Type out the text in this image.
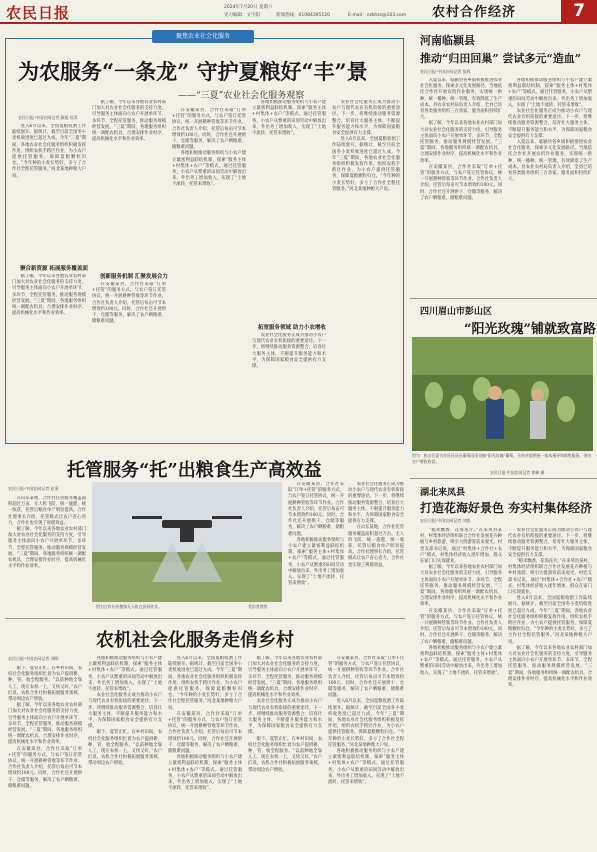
农民日报	2024年7月20日 星期六
见习编辑：文宇阳	新闻热线：01084395120	E-mail：nzkhzs@163.com 农村合作经济	7
聚焦农业社会化服务
为农服务“一条龙” 守护夏粮好“丰”景
——“三夏”农业社会化服务观察
农民日报·中国农网记者 颜旭 侯青

进入6月以来，全国夏粮收割工作陆续展开。据统计，截至目前全国冬小麦机收进度已超过九成。今年“三夏”期间，各地农业社会化服务组织积极发挥作用，组织农机手跨区作业，为小农户提供托管服务，保障夏粮颗粒归仓。“今年种的小麦长势好，多亏了合作社全程托管服务。”河北某地种粮大户说。

聚合新资源 拓展服务覆盖面

据了解，今年以来各地农业农村部门加大对农业社会化服务的支持力度，引导服务主体面向小农户开展单环节、多环节、全程托管服务，推动服务规模经营发展。“三夏”期间，各地服务组织统一调配农机具，合理安排作业时序，提高机械化水平和作业效率。

据了解，今年以来各地农业农村部门加大对农业社会化服务的支持力度，引导服务主体面向小农户开展单环节、多环节、全程托管服务，推动服务规模经营发展。“三夏”期间，各地服务组织统一调配农机具，合理安排作业时序，提高机械化水平和作业效率。

创新服务机制 汇聚发展合力

在安徽某县，合作社采取“订单+托管”的服务方式，与农户签订托管协议，统一开展耕种管收等环节作业。合作社负责人介绍，托管后每亩可节本增效约100元。同时，合作社还开展烘干、仓储等服务，解决了农户晒粮难、储粮难问题。

在安徽某县，合作社采取“订单+托管”的服务方式，与农户签订托管协议，统一开展耕种管收等环节作业。合作社负责人介绍，托管后每亩可节本增效约100元。同时，合作社还开展烘干、仓储等服务，解决了农户晒粮难、储粮难问题。

各地积极推动服务组织与小农户建立紧密利益联结机制，探索“服务主体+村集体+农户”等模式。通过托管服务，小农户从繁重的田间劳动中解放出来，外出务工增加收入，实现了“土地不流转、托管来增收”。

各地积极推动服务组织与小农户建立紧密利益联结机制，探索“服务主体+村集体+农户”等模式。通过托管服务，小农户从繁重的田间劳动中解放出来，外出务工增加收入，实现了“土地不流转、托管来增收”。

拓宽服务领域 助力小农增收

农业社会化服务正成为推动小农户与现代农业有机衔接的重要途径。下一步，将继续推动服务资源整合，培育壮大服务主体，不断提升服务能力和水平，为保障国家粮食安全提供有力支撑。

农业社会化服务正成为推动小农户与现代农业有机衔接的重要途径。下一步，将继续推动服务资源整合，培育壮大服务主体，不断提升服务能力和水平，为保障国家粮食安全提供有力支撑。

进入6月以来，全国夏粮收割工作陆续展开。据统计，截至目前全国冬小麦机收进度已超过九成。今年“三夏”期间，各地农业社会化服务组织积极发挥作用，组织农机手跨区作业，为小农户提供托管服务，保障夏粮颗粒归仓。“今年种的小麦长势好，多亏了合作社全程托管服务。”河北某地种粮大户说。

河南临颍县
推动“归田回巢” 尝试多元“造血”
农民日报·中国农网记者 张辉

入夏以来，临颍县各乡镇积极推进农业社会化服务，探索多元化发展路径。当地依托合作社开展农机作业服务，实现统一供种、统一播种、统一管理，有效降低了生产成本。县农业农村局负责人介绍，全县已培育各类服务组织三百余家，服务面积持续扩大。

据了解，今年以来各地农业农村部门加大对农业社会化服务的支持力度，引导服务主体面向小农户开展单环节、多环节、全程托管服务，推动服务规模经营发展。“三夏”期间，各地服务组织统一调配农机具，合理安排作业时序，提高机械化水平和作业效率。

在安徽某县，合作社采取“订单+托管”的服务方式，与农户签订托管协议，统一开展耕种管收等环节作业。合作社负责人介绍，托管后每亩可节本增效约100元。同时，合作社还开展烘干、仓储等服务，解决了农户晒粮难、储粮难问题。

各地积极推动服务组织与小农户建立紧密利益联结机制，探索“服务主体+村集体+农户”等模式。通过托管服务，小农户从繁重的田间劳动中解放出来，外出务工增加收入，实现了“土地不流转、托管来增收”。

农业社会化服务正成为推动小农户与现代农业有机衔接的重要途径。下一步，将继续推动服务资源整合，培育壮大服务主体，不断提升服务能力和水平，为保障国家粮食安全提供有力支撑。

入夏以来，临颍县各乡镇积极推进农业社会化服务，探索多元化发展路径。当地依托合作社开展农机作业服务，实现统一供种、统一播种、统一管理，有效降低了生产成本。县农业农村局负责人介绍，全县已培育各类服务组织三百余家，服务面积持续扩大。

四川眉山市彭山区
“阳光玫瑰”铺就致富路
图为：彭山区某合作社社员在葡萄园里采摘“阳光玫瑰”葡萄。合作社提供统一技术指导和销售服务，带动农户增收致富。
农民日报·中国农网记者 徐峰 摄
湖北来凤县
打造花海好景色 夯实村集体经济
农民日报·中国农网记者 刘凯

“稻米飘香，花海连片。”在来凤县某村，村集体经济组织联合合作社发展花卉种植与乡村旅游，吸引大批游客前来观光。村党支部书记说，通过“村集体+合作社+农户”模式，村集体经济收入逐年增加，群众在家门口实现就业。

据了解，今年以来各地农业农村部门加大对农业社会化服务的支持力度，引导服务主体面向小农户开展单环节、多环节、全程托管服务，推动服务规模经营发展。“三夏”期间，各地服务组织统一调配农机具，合理安排作业时序，提高机械化水平和作业效率。

在安徽某县，合作社采取“订单+托管”的服务方式，与农户签订托管协议，统一开展耕种管收等环节作业。合作社负责人介绍，托管后每亩可节本增效约100元。同时，合作社还开展烘干、仓储等服务，解决了农户晒粮难、储粮难问题。

各地积极推动服务组织与小农户建立紧密利益联结机制，探索“服务主体+村集体+农户”等模式。通过托管服务，小农户从繁重的田间劳动中解放出来，外出务工增加收入，实现了“土地不流转、托管来增收”。

农业社会化服务正成为推动小农户与现代农业有机衔接的重要途径。下一步，将继续推动服务资源整合，培育壮大服务主体，不断提升服务能力和水平，为保障国家粮食安全提供有力支撑。

“稻米飘香，花海连片。”在来凤县某村，村集体经济组织联合合作社发展花卉种植与乡村旅游，吸引大批游客前来观光。村党支部书记说，通过“村集体+合作社+农户”模式，村集体经济收入逐年增加，群众在家门口实现就业。

进入6月以来，全国夏粮收割工作陆续展开。据统计，截至目前全国冬小麦机收进度已超过九成。今年“三夏”期间，各地农业社会化服务组织积极发挥作用，组织农机手跨区作业，为小农户提供托管服务，保障夏粮颗粒归仓。“今年种的小麦长势好，多亏了合作社全程托管服务。”河北某地种粮大户说。

据了解，今年以来各地农业农村部门加大对农业社会化服务的支持力度，引导服务主体面向小农户开展单环节、多环节、全程托管服务，推动服务规模经营发展。“三夏”期间，各地服务组织统一调配农机具，合理安排作业时序，提高机械化水平和作业效率。

托管服务“托”出粮食生产高效益
农民日报·中国农网记者 赵清

在山东某地，合作社托管服务覆盖面积超过万亩。无人机飞防、统一施肥、统一收获，托管后粮食单产明显提高。合作社理事长介绍，托管模式让农户省心省力，合作社也实现了规模效益。

据了解，今年以来各地农业农村部门加大对农业社会化服务的支持力度，引导服务主体面向小农户开展单环节、多环节、全程托管服务，推动服务规模经营发展。“三夏”期间，各地服务组织统一调配农机具，合理安排作业时序，提高机械化水平和作业效率。

图为合作社的植保无人机在田间作业。	受访者供图

在安徽某县，合作社采取“订单+托管”的服务方式，与农户签订托管协议，统一开展耕种管收等环节作业。合作社负责人介绍，托管后每亩可节本增效约100元。同时，合作社还开展烘干、仓储等服务，解决了农户晒粮难、储粮难问题。

各地积极推动服务组织与小农户建立紧密利益联结机制，探索“服务主体+村集体+农户”等模式。通过托管服务，小农户从繁重的田间劳动中解放出来，外出务工增加收入，实现了“土地不流转、托管来增收”。

农业社会化服务正成为推动小农户与现代农业有机衔接的重要途径。下一步，将继续推动服务资源整合，培育壮大服务主体，不断提升服务能力和水平，为保障国家粮食安全提供有力支撑。

在山东某地，合作社托管服务覆盖面积超过万亩。无人机飞防、统一施肥、统一收获，托管后粮食单产明显提高。合作社理事长介绍，托管模式让农户省心省力，合作社也实现了规模效益。

农机社会化服务走俏乡村
农民日报·中国农网记者 刘明

眼下，夏管正忙。在乡村田间，农机社会化服务组织忙着为农户提供耕、种、管、收全程服务。“以前种地全靠人工，现在农机一上，又快又好。”农户们说。农机合作社积极拓展服务领域，带动周边农户增收。

据了解，今年以来各地农业农村部门加大对农业社会化服务的支持力度，引导服务主体面向小农户开展单环节、多环节、全程托管服务，推动服务规模经营发展。“三夏”期间，各地服务组织统一调配农机具，合理安排作业时序，提高机械化水平和作业效率。

在安徽某县，合作社采取“订单+托管”的服务方式，与农户签订托管协议，统一开展耕种管收等环节作业。合作社负责人介绍，托管后每亩可节本增效约100元。同时，合作社还开展烘干、仓储等服务，解决了农户晒粮难、储粮难问题。

各地积极推动服务组织与小农户建立紧密利益联结机制，探索“服务主体+村集体+农户”等模式。通过托管服务，小农户从繁重的田间劳动中解放出来，外出务工增加收入，实现了“土地不流转、托管来增收”。

农业社会化服务正成为推动小农户与现代农业有机衔接的重要途径。下一步，将继续推动服务资源整合，培育壮大服务主体，不断提升服务能力和水平，为保障国家粮食安全提供有力支撑。

眼下，夏管正忙。在乡村田间，农机社会化服务组织忙着为农户提供耕、种、管、收全程服务。“以前种地全靠人工，现在农机一上，又快又好。”农户们说。农机合作社积极拓展服务领域，带动周边农户增收。

进入6月以来，全国夏粮收割工作陆续展开。据统计，截至目前全国冬小麦机收进度已超过九成。今年“三夏”期间，各地农业社会化服务组织积极发挥作用，组织农机手跨区作业，为小农户提供托管服务，保障夏粮颗粒归仓。“今年种的小麦长势好，多亏了合作社全程托管服务。”河北某地种粮大户说。

在安徽某县，合作社采取“订单+托管”的服务方式，与农户签订托管协议，统一开展耕种管收等环节作业。合作社负责人介绍，托管后每亩可节本增效约100元。同时，合作社还开展烘干、仓储等服务，解决了农户晒粮难、储粮难问题。

各地积极推动服务组织与小农户建立紧密利益联结机制，探索“服务主体+村集体+农户”等模式。通过托管服务，小农户从繁重的田间劳动中解放出来，外出务工增加收入，实现了“土地不流转、托管来增收”。

据了解，今年以来各地农业农村部门加大对农业社会化服务的支持力度，引导服务主体面向小农户开展单环节、多环节、全程托管服务，推动服务规模经营发展。“三夏”期间，各地服务组织统一调配农机具，合理安排作业时序，提高机械化水平和作业效率。

农业社会化服务正成为推动小农户与现代农业有机衔接的重要途径。下一步，将继续推动服务资源整合，培育壮大服务主体，不断提升服务能力和水平，为保障国家粮食安全提供有力支撑。

眼下，夏管正忙。在乡村田间，农机社会化服务组织忙着为农户提供耕、种、管、收全程服务。“以前种地全靠人工，现在农机一上，又快又好。”农户们说。农机合作社积极拓展服务领域，带动周边农户增收。

在安徽某县，合作社采取“订单+托管”的服务方式，与农户签订托管协议，统一开展耕种管收等环节作业。合作社负责人介绍，托管后每亩可节本增效约100元。同时，合作社还开展烘干、仓储等服务，解决了农户晒粮难、储粮难问题。

进入6月以来，全国夏粮收割工作陆续展开。据统计，截至目前全国冬小麦机收进度已超过九成。今年“三夏”期间，各地农业社会化服务组织积极发挥作用，组织农机手跨区作业，为小农户提供托管服务，保障夏粮颗粒归仓。“今年种的小麦长势好，多亏了合作社全程托管服务。”河北某地种粮大户说。

各地积极推动服务组织与小农户建立紧密利益联结机制，探索“服务主体+村集体+农户”等模式。通过托管服务，小农户从繁重的田间劳动中解放出来，外出务工增加收入，实现了“土地不流转、托管来增收”。
